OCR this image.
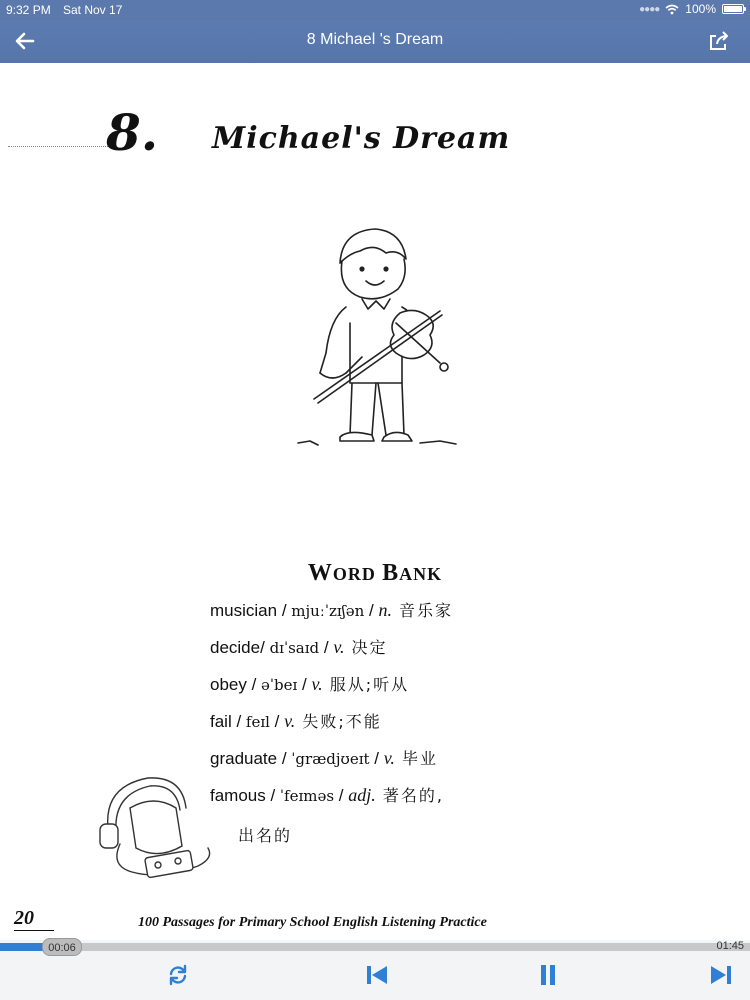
9:32 PM Sat Nov 17	●●●● 100%
8 Michael 's Dream
8. Michael's Dream
WORD BANK
musician / mjuːˈzɪʃən / n. 音乐家
decide/ dɪˈsaɪd / v. 决定
obey / əˈbeɪ / v. 服从;听从
fail / feɪl / v. 失败;不能
graduate / ˈgrædjʊeɪt / v. 毕业
famous / ˈfeɪməs / adj. 著名的,
出名的
20	100 Passages for Primary School English Listening Practice
00:06	01:45
